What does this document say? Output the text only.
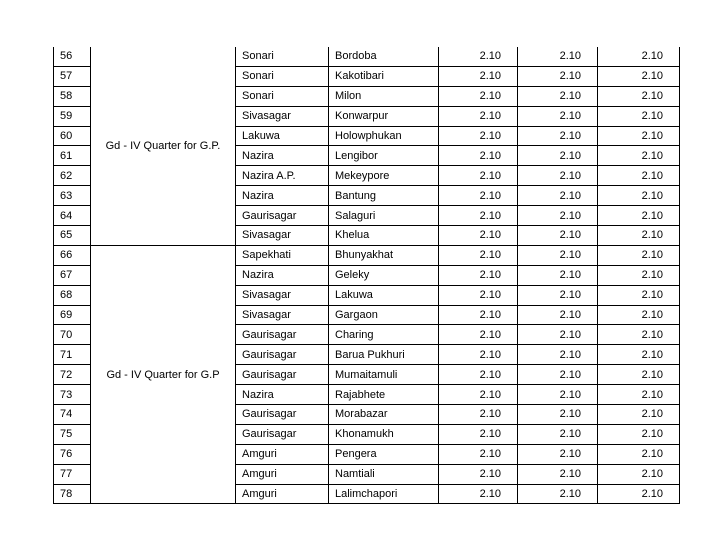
56	Gd - IV Quarter for G.P.	Sonari	Bordoba	2.10	2.10	2.10
57		Sonari	Kakotibari	2.10	2.10	2.10
58		Sonari	Milon	2.10	2.10	2.10
59		Sivasagar	Konwarpur	2.10	2.10	2.10
60		Lakuwa	Holowphukan	2.10	2.10	2.10
61		Nazira	Lengibor	2.10	2.10	2.10
62		Nazira A.P.	Mekeypore	2.10	2.10	2.10
63		Nazira	Bantung	2.10	2.10	2.10
64		Gaurisagar	Salaguri	2.10	2.10	2.10
65		Sivasagar	Khelua	2.10	2.10	2.10
66	Gd - IV Quarter for G.P	Sapekhati	Bhunyakhat	2.10	2.10	2.10
67		Nazira	Geleky	2.10	2.10	2.10
68		Sivasagar	Lakuwa	2.10	2.10	2.10
69		Sivasagar	Gargaon	2.10	2.10	2.10
70		Gaurisagar	Charing	2.10	2.10	2.10
71		Gaurisagar	Barua Pukhuri	2.10	2.10	2.10
72		Gaurisagar	Mumaitamuli	2.10	2.10	2.10
73		Nazira	Rajabhete	2.10	2.10	2.10
74		Gaurisagar	Morabazar	2.10	2.10	2.10
75		Gaurisagar	Khonamukh	2.10	2.10	2.10
76		Amguri	Pengera	2.10	2.10	2.10
77		Amguri	Namtiali	2.10	2.10	2.10
78		Amguri	Lalimchapori	2.10	2.10	2.10
